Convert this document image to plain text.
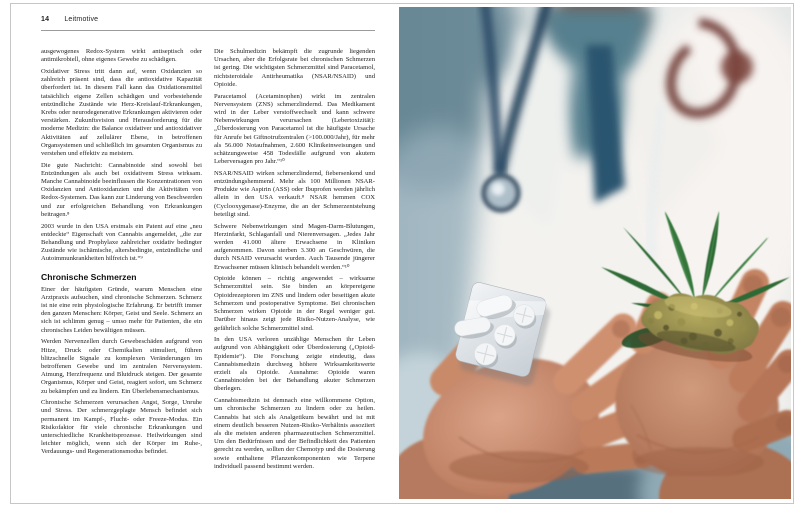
14 Leitmotive

ausgewogenes Redox-System wirkt antiseptisch oder antimikrobiell, ohne eigenes Gewebe zu schädigen.

Oxidativer Stress tritt dann auf, wenn Oxidanzien so zahlreich präsent sind, dass die antioxidative Kapazität überfordert ist. In diesem Fall kann das Oxidationsmittel tatsächlich eigene Zellen schädigen und vorbestehende entzündliche Zustände wie Herz-Kreislauf-Erkrankungen, Krebs oder neurodegenerative Erkrankungen aktivieren oder verstärken. Zukunftsvision und Herausforderung für die moderne Medizin: die Balance oxidativer und antioxidativer Aktivitäten auf zellulärer Ebene, in betroffenen Organsystemen und schließlich im gesamten Organismus zu verstehen und effektiv zu meistern.

Die gute Nachricht: Cannabinoide sind sowohl bei Entzündungen als auch bei oxidativem Stress wirksam. Manche Cannabinoide beeinflussen die Konzentrationen von Oxidanzien und Antioxidanzien und die Aktivitäten von Redox-Systemen. Das kann zur Linderung von Beschwerden und zur erfolgreichen Behandlung von Erkrankungen beitragen.⁸

2003 wurde in den USA erstmals ein Patent auf eine „neu entdeckte“ Eigenschaft von Cannabis angemeldet, „die zur Behandlung und Prophylaxe zahlreicher oxidativ bedingter Zustände wie ischämische, altersbedingte, entzündliche und Autoimmunkrankheiten hilfreich ist.“⁹

Chronische Schmerzen

Einer der häufigsten Gründe, warum Menschen eine Arztpraxis aufsuchen, sind chronische Schmerzen. Schmerz ist nie eine rein physiologische Erfahrung. Er betrifft immer den ganzen Menschen: Körper, Geist und Seele. Schmerz an sich ist schlimm genug – umso mehr für Patienten, die ein chronisches Leiden bewältigen müssen.

Werden Nervenzellen durch Gewebeschäden aufgrund von Hitze, Druck oder Chemikalien stimuliert, führen blitzschnelle Signale zu komplexen Veränderungen im betroffenen Gewebe und im zentralen Nervensystem. Atmung, Herzfrequenz und Blutdruck steigen. Der gesamte Organismus, Körper und Geist, reagiert sofort, um Schmerz zu bekämpfen und zu lindern. Ein Überlebensmechanismus.

Chronische Schmerzen verursachen Angst, Sorge, Unruhe und Stress. Der schmerzgeplagte Mensch befindet sich permanent im Kampf-, Flucht- oder Freeze-Modus. Ein Risikofaktor für viele chronische Erkrankungen und unterschiedliche Krankheitsprozesse. Heilwirkungen sind leichter möglich, wenn sich der Körper im Ruhe-, Verdauungs- und Regenerationsmodus befindet.

Die Schulmedizin bekämpft die zugrunde liegenden Ursachen, aber die Erfolgsrate bei chronischen Schmerzen ist gering. Die wichtigsten Schmerzmittel sind Paracetamol, nichtsteroidale Antirheumatika (NSAR/NSAID) und Opioide.

Paracetamol (Acetaminophen) wirkt im zentralen Nervensystem (ZNS) schmerzlindernd. Das Medikament wird in der Leber verstoffwechselt und kann schwere Nebenwirkungen verursachen (Lebertoxizität): „Überdosierung von Paracetamol ist die häufigste Ursache für Anrufe bei Giftnotrufzentralen (>100.000/Jahr), für mehr als 56.000 Notaufnahmen, 2.600 Klinikeinweisungen und schätzungsweise 458 Todesfälle aufgrund von akutem Leberversagen pro Jahr.“¹⁰

NSAR/NSAID wirken schmerzlindernd, fiebersenkend und entzündungshemmend. Mehr als 100 Millionen NSAR-Produkte wie Aspirin (ASS) oder Ibuprofen werden jährlich allein in den USA verkauft.⁸ NSAR hemmen COX (Cyclooxygenase)-Enzyme, die an der Schmerzentstehung beteiligt sind.

Schwere Nebenwirkungen sind Magen-Darm-Blutungen, Herzinfarkt, Schlaganfall und Nierenversagen. „Jedes Jahr werden 41.000 ältere Erwachsene in Kliniken aufgenommen. Davon sterben 3.300 an Geschwüren, die durch NSAID verursacht wurden. Auch Tausende jüngerer Erwachsener müssen klinisch behandelt werden.“¹⁰

Opioide können – richtig angewendet – wirksame Schmerzmittel sein. Sie binden an körpereigene Opioidrezeptoren im ZNS und lindern oder beseitigen akute Schmerzen und postoperative Symptome. Bei chronischen Schmerzen wirken Opioide in der Regel weniger gut. Darüber hinaus zeigt jede Risiko-Nutzen-Analyse, wie gefährlich solche Schmerzmittel sind.

In den USA verloren unzählige Menschen ihr Leben aufgrund von Abhängigkeit oder Überdosierung („Opioid-Epidemie“). Die Forschung zeigte eindeutig, dass Cannabismedizin durchweg höhere Wirksamkeitswerte erzielt als Opioide. Ausnahme: Opioide waren Cannabinoiden bei der Behandlung akuter Schmerzen überlegen.

Cannabismedizin ist demnach eine willkommene Option, um chronische Schmerzen zu lindern oder zu heilen. Cannabis hat sich als Analgetikum bewährt und ist mit einem deutlich besseren Nutzen-Risiko-Verhältnis assoziiert als die meisten anderen pharmazeutischen Schmerzmittel. Um den Bedürfnissen und der Befindlichkeit des Patienten gerecht zu werden, sollten der Chemotyp und die Dosierung sowie enthaltene Pflanzenkomponenten wie Terpene individuell passend bestimmt werden.
